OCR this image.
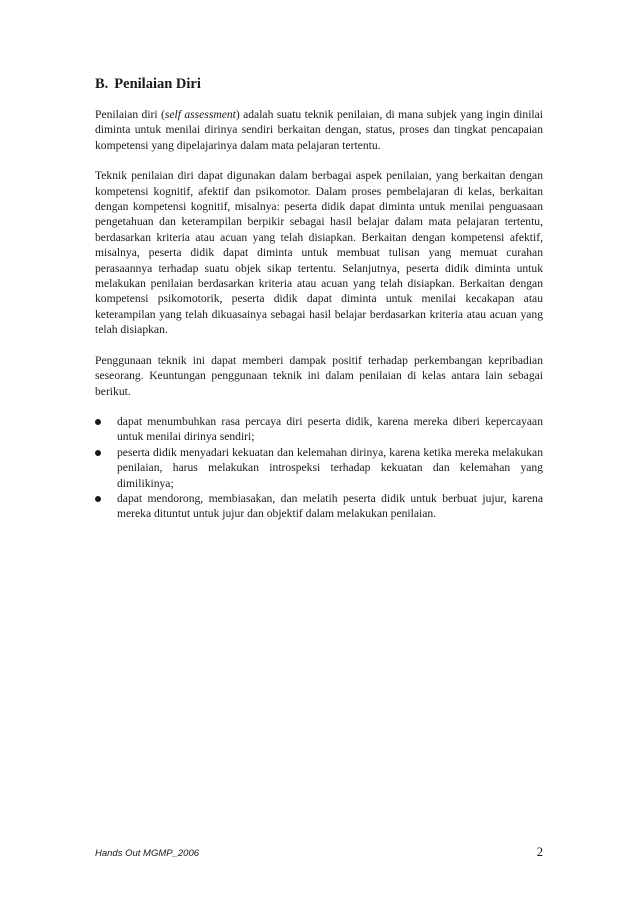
B. Penilaian Diri

Penilaian diri (self assessment) adalah suatu teknik penilaian, di mana subjek yang ingin dinilai diminta untuk menilai dirinya sendiri berkaitan dengan, status, proses dan tingkat pencapaian kompetensi yang dipelajarinya dalam mata pelajaran tertentu.

Teknik penilaian diri dapat digunakan dalam berbagai aspek penilaian, yang berkaitan dengan kompetensi kognitif, afektif dan psikomotor. Dalam proses pembelajaran di kelas, berkaitan dengan kompetensi kognitif, misalnya: peserta didik dapat diminta untuk menilai penguasaan pengetahuan dan keterampilan berpikir sebagai hasil belajar dalam mata pelajaran tertentu, berdasarkan kriteria atau acuan yang telah disiapkan. Berkaitan dengan kompetensi afektif, misalnya, peserta didik dapat diminta untuk membuat tulisan yang memuat curahan perasaannya terhadap suatu objek sikap tertentu. Selanjutnya, peserta didik diminta untuk melakukan penilaian berdasarkan kriteria atau acuan yang telah disiapkan. Berkaitan dengan kompetensi psikomotorik, peserta didik dapat diminta untuk menilai kecakapan atau keterampilan yang telah dikuasainya sebagai hasil belajar berdasarkan kriteria atau acuan yang telah disiapkan.

Penggunaan teknik ini dapat memberi dampak positif terhadap perkembangan kepribadian seseorang. Keuntungan penggunaan teknik ini dalam penilaian di kelas antara lain sebagai berikut.

dapat menumbuhkan rasa percaya diri peserta didik, karena mereka diberi kepercayaan untuk menilai dirinya sendiri;
peserta didik menyadari kekuatan dan kelemahan dirinya, karena ketika mereka melakukan penilaian, harus melakukan introspeksi terhadap kekuatan dan kelemahan yang dimilikinya;
dapat mendorong, membiasakan, dan melatih peserta didik untuk berbuat jujur, karena mereka dituntut untuk jujur dan objektif dalam melakukan penilaian.
Hands Out MGMP_2006	2
